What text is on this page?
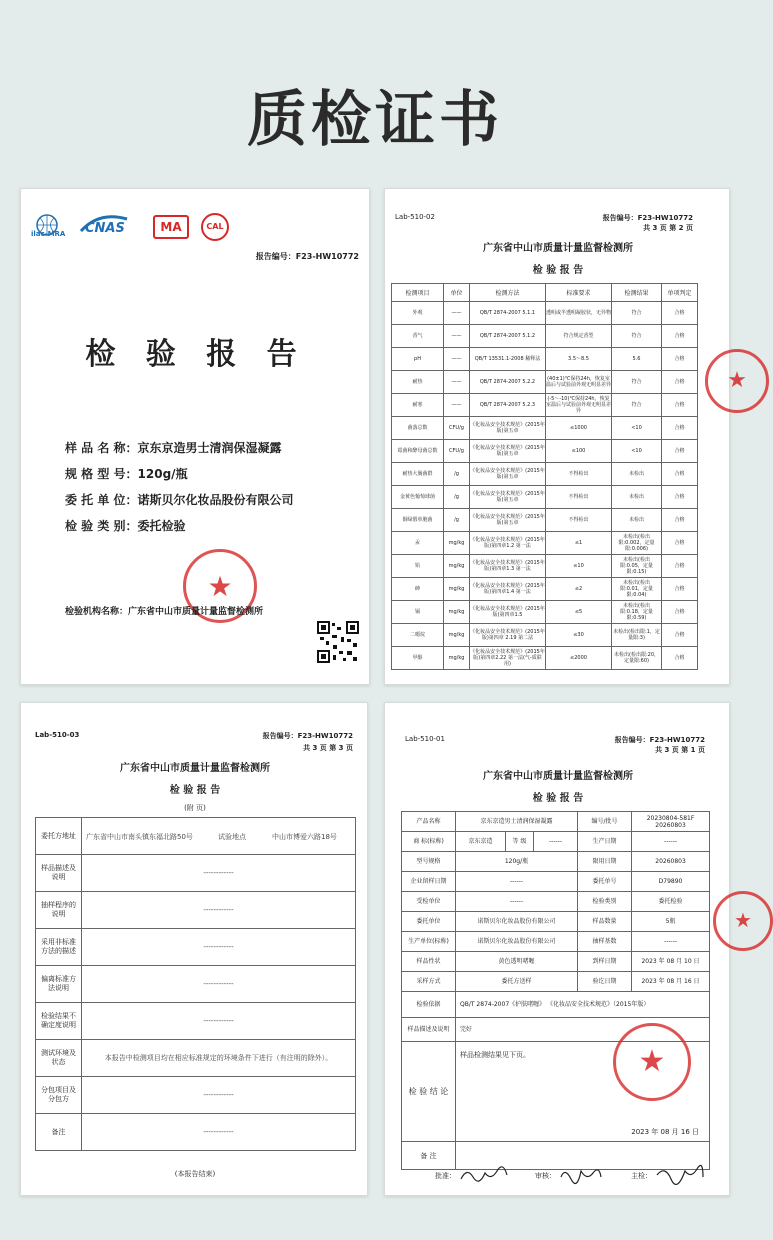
质检证书
ilac-MRA CNAS	MA	CAL
报告编号：F23-HW10772
检 验 报 告
样 品 名 称：京东京造男士清润保湿凝露
规 格 型 号：120g/瓶
委 托 单 位：诺斯贝尔化妆品股份有限公司
检 验 类 别：委托检验
★
检验机构名称：广东省中山市质量计量监督检测所
Lab-510-02	报告编号：F23-HW10772
共 3 页 第 2 页
广东省中山市质量计量监督检测所
检 验 报 告
检测项目	单位	检测方法	标准要求	检测结果	单项判定
外观	——	QB/T 2874-2007 5.1.1	透明或半透明凝胶状，无异物	符合	合格
香气	——	QB/T 2874-2007 5.1.2	符合规定香型	符合	合格
pH	——	QB/T 13531.1-2008 稀释法	3.5～8.5	5.6	合格
耐热	——	QB/T 2874-2007 5.2.2	(40±1)℃保持24h，恢复室温后与试验前外观无明显差异	符合	合格
耐寒	——	QB/T 2874-2007 5.2.3	(-5～-10)℃保持24h，恢复室温后与试验前外观无明显差异	符合	合格
菌落总数	CFU/g	《化妆品安全技术规范》(2015年版)第五章	≤1000	<10	合格
霉菌和酵母菌总数	CFU/g	《化妆品安全技术规范》(2015年版)第五章	≤100	<10	合格
耐热大肠菌群	/g	《化妆品安全技术规范》(2015年版)第五章	不得检出	未检出	合格
金黄色葡萄球菌	/g	《化妆品安全技术规范》(2015年版)第五章	不得检出	未检出	合格
铜绿假单胞菌	/g	《化妆品安全技术规范》(2015年版)第五章	不得检出	未检出	合格
汞	mg/kg	《化妆品安全技术规范》(2015年版)第四章1.2 第一法	≤1	未检出(检出限:0.002，定量限:0.006)	合格
铅	mg/kg	《化妆品安全技术规范》(2015年版)第四章1.3 第一法	≤10	未检出(检出限:0.05，定量限:0.15)	合格
砷	mg/kg	《化妆品安全技术规范》(2015年版)第四章1.4 第一法	≤2	未检出(检出限:0.01，定量限:0.04)	合格
镉	mg/kg	《化妆品安全技术规范》(2015年版)第四章1.5	≤5	未检出(检出限:0.18，定量限:0.59)	合格
二噁烷	mg/kg	《化妆品安全技术规范》(2015年版)第四章 2.19 第二法	≤30	未检出(检出限:1，定量限:3)	合格
甲醇	mg/kg	《化妆品安全技术规范》(2015年版)第四章2.22 第一法(气-质联用)	≤2000	未检出(检出限:20，定量限:60)	合格
★
Lab-510-03	报告编号：F23-HW10772
共 3 页 第 3 页
广东省中山市质量计量监督检测所
检 验 报 告
(附 页)
委托方地址	广东省中山市南头镇东福北路50号 试验地点 中山市博爱六路18号

样品描述及说明	------------
抽样程序的说明	------------
采用非标准方法的描述	------------
偏离标准方法说明	------------
检验结果不确定度说明	------------
测试环境及状态	本报告中检测项目均在相应标准规定的环境条件下进行（有注明的除外）。
分包项目及分包方	------------
备注	------------
(本报告结束)
Lab-510-01	报告编号：F23-HW10772
共 3 页 第 1 页
广东省中山市质量计量监督检测所
检 验 报 告
产品名称	京东京造男士清润保湿凝露			编号/批号	20230804-581F 20260803
商 标(标称)	京东京造	等 级	------	生产日期	------
型号规格	120g/瓶			限用日期	20260803
企业留样日期	------			委托单号	D79890
受检单位	------			检验类别	委托检验
委托单位	诺斯贝尔化妆品股份有限公司			样品数量	5瓶
生产单位(标称)	诺斯贝尔化妆品股份有限公司			抽样基数	------
样品性状	黄色透明啫喱			到样日期	2023 年 08 月 10 日
采样方式	委托方送样			验讫日期	2023 年 08 月 16 日
检验依据	QB/T 2874-2007《护肤啫喱》 《化妆品安全技术规范》（2015年版）				
样品描述及说明	完好				
检 验 结 论	样品检测结果见下页。
2023 年 08 月 16 日				

备 注					
★
★
批准：	审核：	主检：
